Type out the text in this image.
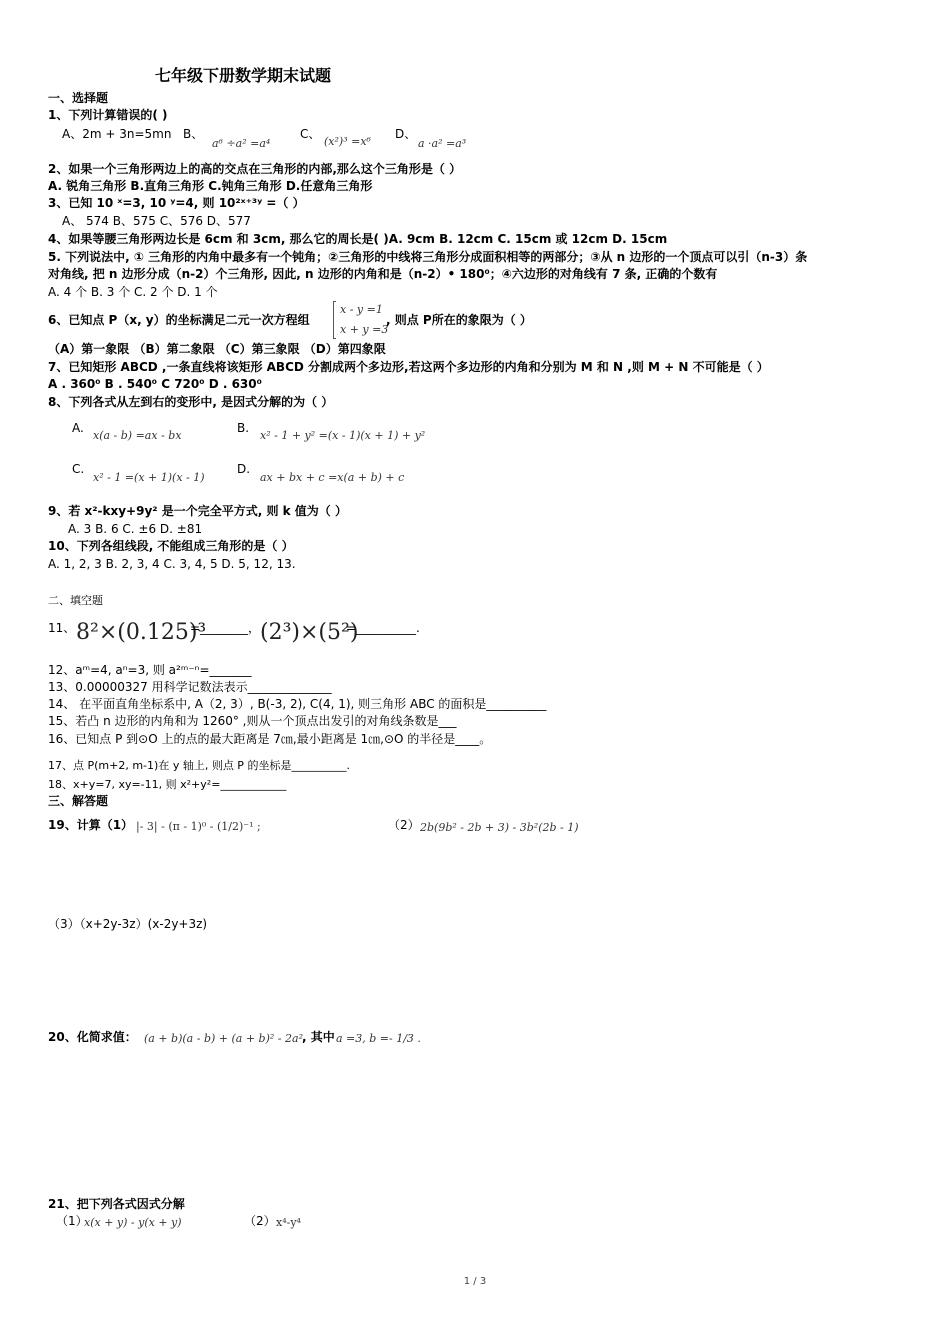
七年级下册数学期末试题
一、选择题
1、下列计算错误的( )
A、2m + 3n=5mn B、
a⁶ ÷a² =a⁴
C、
(x²)³ =x⁶
D、
a ·a² =a³
2、如果一个三角形两边上的高的交点在三角形的内部,那么这个三角形是（ ）
A. 锐角三角形 B.直角三角形 C.钝角三角形 D.任意角三角形
3、已知 10 ˣ=3, 10 ʸ=4, 则 10²ˣ⁺³ʸ =（ ）
A、 574 B、575 C、576 D、577
4、如果等腰三角形两边长是 6cm 和 3cm, 那么它的周长是( )A. 9cm B. 12cm C. 15cm 或 12cm D. 15cm
5. 下列说法中, ① 三角形的内角中最多有一个钝角；②三角形的中线将三角形分成面积相等的两部分；③从 n 边形的一个顶点可以引（n-3）条
对角线, 把 n 边形分成（n-2）个三角形, 因此, n 边形的内角和是（n-2）• 180⁰；④六边形的对角线有 7 条, 正确的个数有
A. 4 个 B. 3 个 C. 2 个 D. 1 个
6、已知点 P（x, y）的坐标满足二元一次方程组
x - y =1
x + y =3
, 则点 P所在的象限为（ ）
（A）第一象限 （B）第二象限 （C）第三象限 （D）第四象限
7、已知矩形 ABCD ,一条直线将该矩形 ABCD 分割成两个多边形,若这两个多边形的内角和分别为 M 和 N ,则 M + N 不可能是（ ）
A . 360⁰ B . 540⁰ C 720⁰ D . 630⁰
8、下列各式从左到右的变形中, 是因式分解的为（ ）
A.
x(a - b) =ax - bx
B.
x² - 1 + y² =(x - 1)(x + 1) + y²
C.
x² - 1 =(x + 1)(x - 1)
D.
ax + bx + c =x(a + b) + c
9、若 x²-kxy+9y² 是一个完全平方式, 则 k 值为（ ）
A. 3 B. 6 C. ±6 D. ±81
10、下列各组线段, 不能组成三角形的是（ ）
A. 1, 2, 3 B. 2, 3, 4 C. 3, 4, 5 D. 5, 12, 13.
二、填空题
11、 8²×(0.125)³
=________， (2³)×(5²)
=__________.
12、aᵐ=4, aⁿ=3, 则 a²ᵐ⁻ⁿ=_______
13、0.00000327 用科学记数法表示______________
14、 在平面直角坐标系中, A（2, 3）, B(-3, 2), C(4, 1), 则三角形 ABC 的面积是__________
15、若凸 n 边形的内角和为 1260° ,则从一个顶点出发引的对角线条数是___
16、已知点 P 到⊙O 上的点的最大距离是 7㎝,最小距离是 1㎝,⊙O 的半径是____。
17、点 P(m+2, m-1)在 y 轴上, 则点 P 的坐标是__________.
18、x+y=7, xy=-11, 则 x²+y²=____________
三、解答题
19、计算（1） |- 3| - (π - 1)⁰ - (1/2)⁻¹ ;	（2） 2b(9b² - 2b + 3) - 3b²(2b - 1)
（3）（x+2y-3z）(x-2y+3z)
20、化简求值： (a + b)(a - b) + (a + b)² - 2a² , 其中 a =3, b =- 1/3 .
21、把下列各式因式分解
（1）
x(x + y) - y(x + y)	（2） x⁴-y⁴
1 / 3
